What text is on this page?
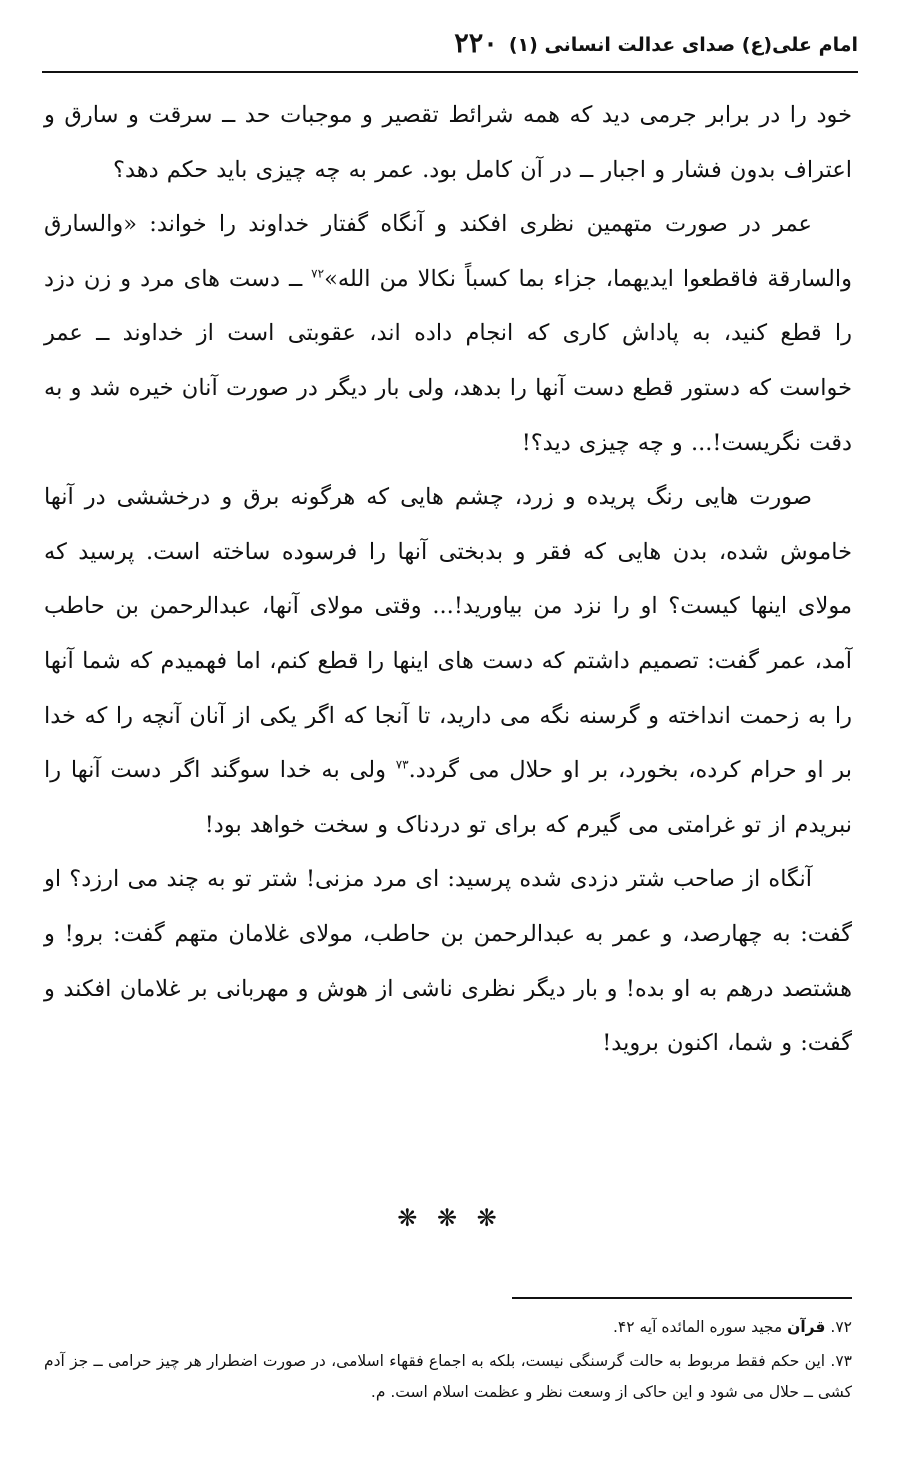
امام علی(ع) صدای عدالت انسانی (۱)
۲۲۰

خود را در برابر جرمی دید که همه شرائط تقصیر و موجبات حد ــ سرقت و سارق و اعتراف بدون فشار و اجبار ــ در آن کامل بود. عمر به چه چیزی باید حکم دهد؟

عمر در صورت متهمین نظری افکند و آنگاه گفتار خداوند را خواند: «والسارق والسارقة فاقطعوا ایدیهما، جزاء بما کسباً نکالا من الله»$^{۷۲}$ ــ دست های مرد و زن دزد را قطع کنید، به پاداش کاری که انجام داده اند، عقوبتی است از خداوند ــ عمر خواست که دستور قطع دست آنها را بدهد، ولی بار دیگر در صورت آنان خیره شد و به دقت نگریست!... و چه چیزی دید؟!

صورت هایی رنگ پریده و زرد، چشم هایی که هرگونه برق و درخششی در آنها خاموش شده، بدن هایی که فقر و بدبختی آنها را فرسوده ساخته است. پرسید که مولای اینها کیست؟ او را نزد من بیاورید!... وقتی مولای آنها، عبدالرحمن بن حاطب آمد، عمر گفت: تصمیم داشتم که دست های اینها را قطع کنم، اما فهمیدم که شما آنها را به زحمت انداخته و گرسنه نگه می دارید، تا آنجا که اگر یکی از آنان آنچه را که خدا بر او حرام کرده، بخورد، بر او حلال می گردد.$^{۷۳}$ ولی به خدا سوگند اگر دست آنها را نبریدم از تو غرامتی می گیرم که برای تو دردناک و سخت خواهد بود!

آنگاه از صاحب شتر دزدی شده پرسید: ای مرد مزنی! شتر تو به چند می ارزد؟ او گفت: به چهارصد، و عمر به عبدالرحمن بن حاطب، مولای غلامان متهم گفت: برو! و هشتصد درهم به او بده! و بار دیگر نظری ناشی از هوش و مهربانی بر غلامان افکند و گفت: و شما، اکنون بروید!

❋ ❋ ❋

۷۲. قرآن مجید سوره المائده آیه ۴۲.

۷۳. این حکم فقط مربوط به حالت گرسنگی نیست، بلکه به اجماع فقهاء اسلامی، در صورت اضطرار هر چیز حرامی ــ جز آدم کشی ــ حلال می شود و این حاکی از وسعت نظر و عظمت اسلام است. م.
